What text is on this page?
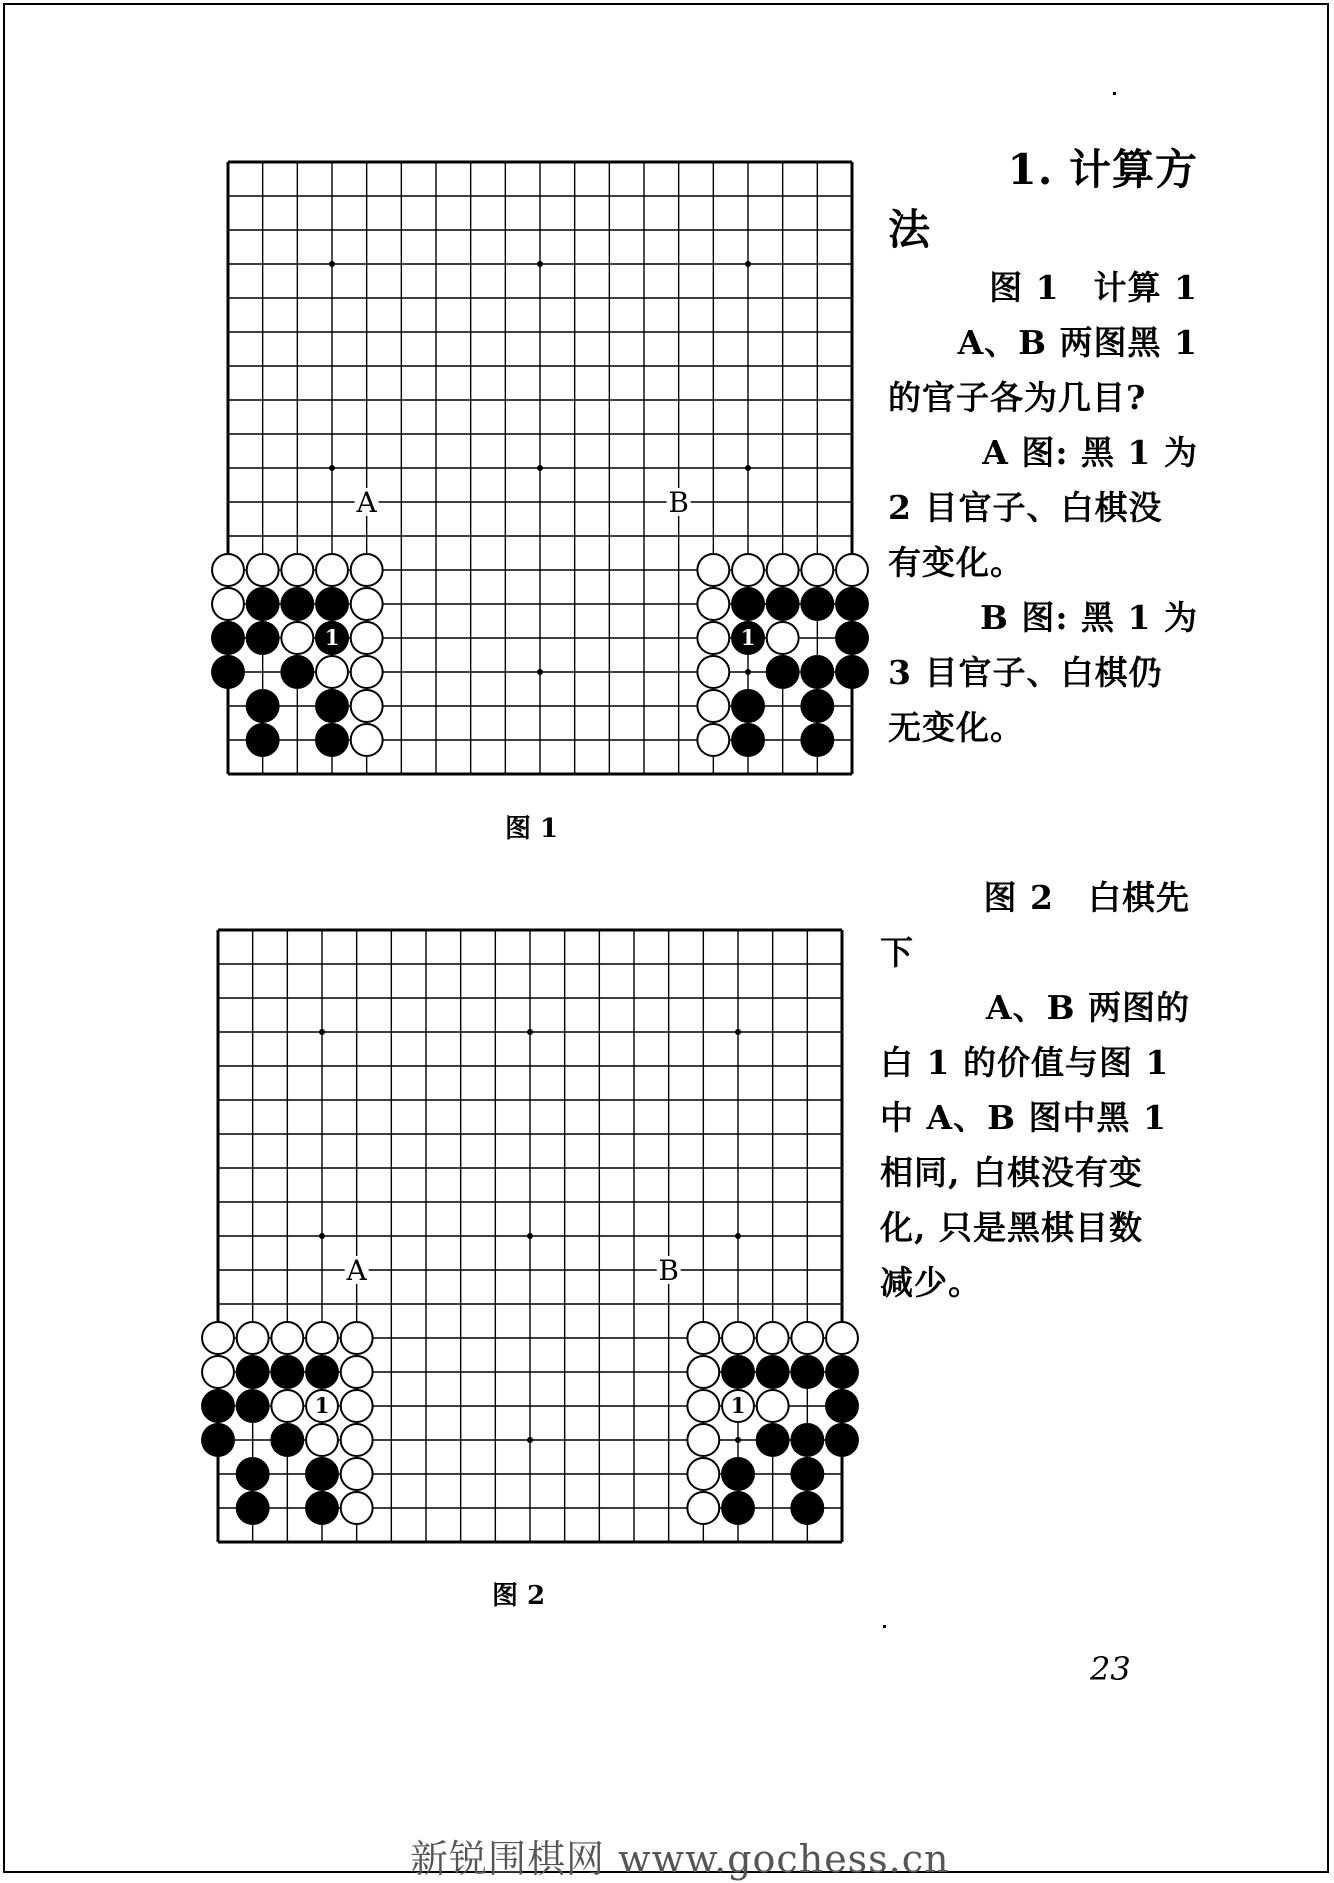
1	1
A	B
图 1
1	1
A	B
图 2

1. 计算方

法

图 1　计算 1

A、B 两图黑 1

的官子各为几目?

A 图: 黑 1 为

2 目官子、白棋没

有变化。

B 图: 黑 1 为

3 目官子、白棋仍

无变化。

图 2　白棋先

下

A、B 两图的

白 1 的价值与图 1

中 A、B 图中黑 1

相同, 白棋没有变

化, 只是黑棋目数

减少。

23
新锐围棋网 www.gochess.cn
